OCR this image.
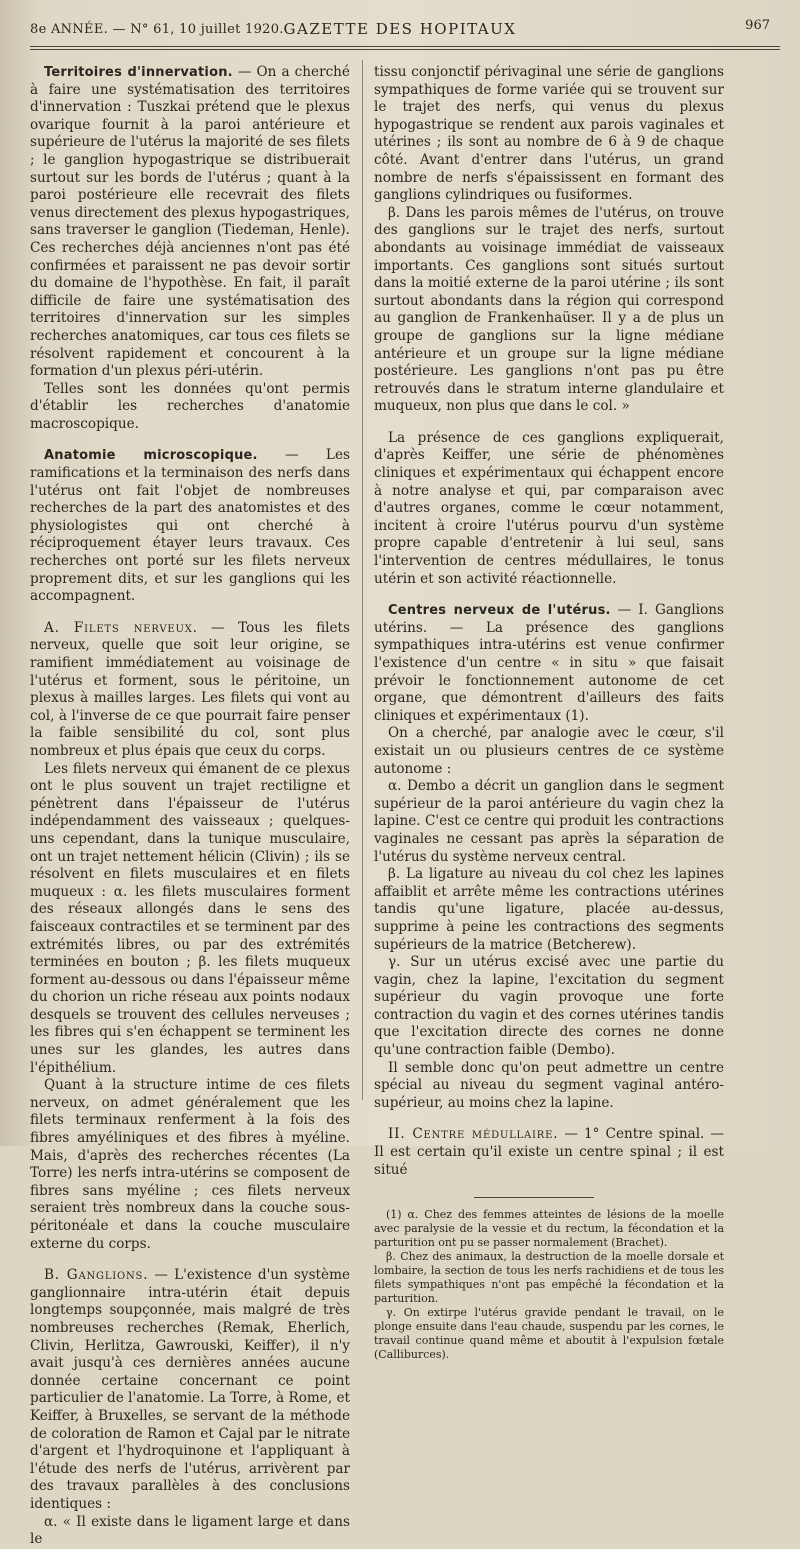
8e ANNÉE. — N° 61, 10 juillet 1920. GAZETTE DES HOPITAUX	967

Territoires d'innervation. — On a cherché à faire une systématisation des territoires d'innervation : Tuszkai prétend que le plexus ovarique fournit à la paroi antérieure et supérieure de l'utérus la majorité de ses filets ; le ganglion hypogastrique se distribuerait surtout sur les bords de l'utérus ; quant à la paroi postérieure elle recevrait des filets venus directement des plexus hypogastriques, sans traverser le ganglion (Tiedeman, Henle). Ces recherches déjà anciennes n'ont pas été confirmées et paraissent ne pas devoir sortir du domaine de l'hypothèse. En fait, il paraît difficile de faire une systématisation des territoires d'innervation sur les simples recherches anatomiques, car tous ces filets se résolvent rapidement et concourent à la formation d'un plexus péri-utérin.

Telles sont les données qu'ont permis d'établir les recherches d'anatomie macroscopique.

Anatomie microscopique. — Les ramifications et la terminaison des nerfs dans l'utérus ont fait l'objet de nombreuses recherches de la part des anatomistes et des physiologistes qui ont cherché à réciproquement étayer leurs travaux. Ces recherches ont porté sur les filets nerveux proprement dits, et sur les ganglions qui les accompagnent.

A. Filets nerveux. — Tous les filets nerveux, quelle que soit leur origine, se ramifient immédiatement au voisinage de l'utérus et forment, sous le péritoine, un plexus à mailles larges. Les filets qui vont au col, à l'inverse de ce que pourrait faire penser la faible sensibilité du col, sont plus nombreux et plus épais que ceux du corps.

Les filets nerveux qui émanent de ce plexus ont le plus souvent un trajet rectiligne et pénètrent dans l'épaisseur de l'utérus indépendamment des vaisseaux ; quelques-uns cependant, dans la tunique musculaire, ont un trajet nettement hélicin (Clivin) ; ils se résolvent en filets musculaires et en filets muqueux : α. les filets musculaires forment des réseaux allongés dans le sens des faisceaux contractiles et se terminent par des extrémités libres, ou par des extrémités terminées en bouton ; β. les filets muqueux forment au-dessous ou dans l'épaisseur même du chorion un riche réseau aux points nodaux desquels se trouvent des cellules nerveuses ; les fibres qui s'en échappent se terminent les unes sur les glandes, les autres dans l'épithélium.

Quant à la structure intime de ces filets nerveux, on admet généralement que les filets terminaux renferment à la fois des fibres amyéliniques et des fibres à myéline. Mais, d'après des recherches récentes (La Torre) les nerfs intra-utérins se composent de fibres sans myéline ; ces filets nerveux seraient très nombreux dans la couche sous-péritonéale et dans la couche musculaire externe du corps.

B. Ganglions. — L'existence d'un système ganglionnaire intra-utérin était depuis longtemps soupçonnée, mais malgré de très nombreuses recherches (Remak, Eherlich, Clivin, Herlitza, Gawrouski, Keiffer), il n'y avait jusqu'à ces dernières années aucune donnée certaine concernant ce point particulier de l'anatomie. La Torre, à Rome, et Keiffer, à Bruxelles, se servant de la méthode de coloration de Ramon et Cajal par le nitrate d'argent et l'hydroquinone et l'appliquant à l'étude des nerfs de l'utérus, arrivèrent par des travaux parallèles à des conclusions identiques :

α. « Il existe dans le ligament large et dans le

tissu conjonctif périvaginal une série de ganglions sympathiques de forme variée qui se trouvent sur le trajet des nerfs, qui venus du plexus hypogastrique se rendent aux parois vaginales et utérines ; ils sont au nombre de 6 à 9 de chaque côté. Avant d'entrer dans l'utérus, un grand nombre de nerfs s'épaississent en formant des ganglions cylindriques ou fusiformes.

β. Dans les parois mêmes de l'utérus, on trouve des ganglions sur le trajet des nerfs, surtout abondants au voisinage immédiat de vaisseaux importants. Ces ganglions sont situés surtout dans la moitié externe de la paroi utérine ; ils sont surtout abondants dans la région qui correspond au ganglion de Frankenhaüser. Il y a de plus un groupe de ganglions sur la ligne médiane antérieure et un groupe sur la ligne médiane postérieure. Les ganglions n'ont pas pu être retrouvés dans le stratum interne glandulaire et muqueux, non plus que dans le col. »

La présence de ces ganglions expliquerait, d'après Keiffer, une série de phénomènes cliniques et expérimentaux qui échappent encore à notre analyse et qui, par comparaison avec d'autres organes, comme le cœur notamment, incitent à croire l'utérus pourvu d'un système propre capable d'entretenir à lui seul, sans l'intervention de centres médullaires, le tonus utérin et son activité réactionnelle.

Centres nerveux de l'utérus. — I. Ganglions utérins. — La présence des ganglions sympathiques intra-utérins est venue confirmer l'existence d'un centre « in situ » que faisait prévoir le fonctionnement autonome de cet organe, que démontrent d'ailleurs des faits cliniques et expérimentaux (1).

On a cherché, par analogie avec le cœur, s'il existait un ou plusieurs centres de ce système autonome :

α. Dembo a décrit un ganglion dans le segment supérieur de la paroi antérieure du vagin chez la lapine. C'est ce centre qui produit les contractions vaginales ne cessant pas après la séparation de l'utérus du système nerveux central.

β. La ligature au niveau du col chez les lapines affaiblit et arrête même les contractions utérines tandis qu'une ligature, placée au-dessus, supprime à peine les contractions des segments supérieurs de la matrice (Betcherew).

γ. Sur un utérus excisé avec une partie du vagin, chez la lapine, l'excitation du segment supérieur du vagin provoque une forte contraction du vagin et des cornes utérines tandis que l'excitation directe des cornes ne donne qu'une contraction faible (Dembo).

Il semble donc qu'on peut admettre un centre spécial au niveau du segment vaginal antéro-supérieur, au moins chez la lapine.

II. Centre médullaire. — 1° Centre spinal. — Il est certain qu'il existe un centre spinal ; il est situé

(1) α. Chez des femmes atteintes de lésions de la moelle avec paralysie de la vessie et du rectum, la fécondation et la parturition ont pu se passer normalement (Brachet).

β. Chez des animaux, la destruction de la moelle dorsale et lombaire, la section de tous les nerfs rachidiens et de tous les filets sympathiques n'ont pas empêché la fécondation et la parturition.

γ. On extirpe l'utérus gravide pendant le travail, on le plonge ensuite dans l'eau chaude, suspendu par les cornes, le travail continue quand même et aboutit à l'expulsion fœtale (Calliburces).
